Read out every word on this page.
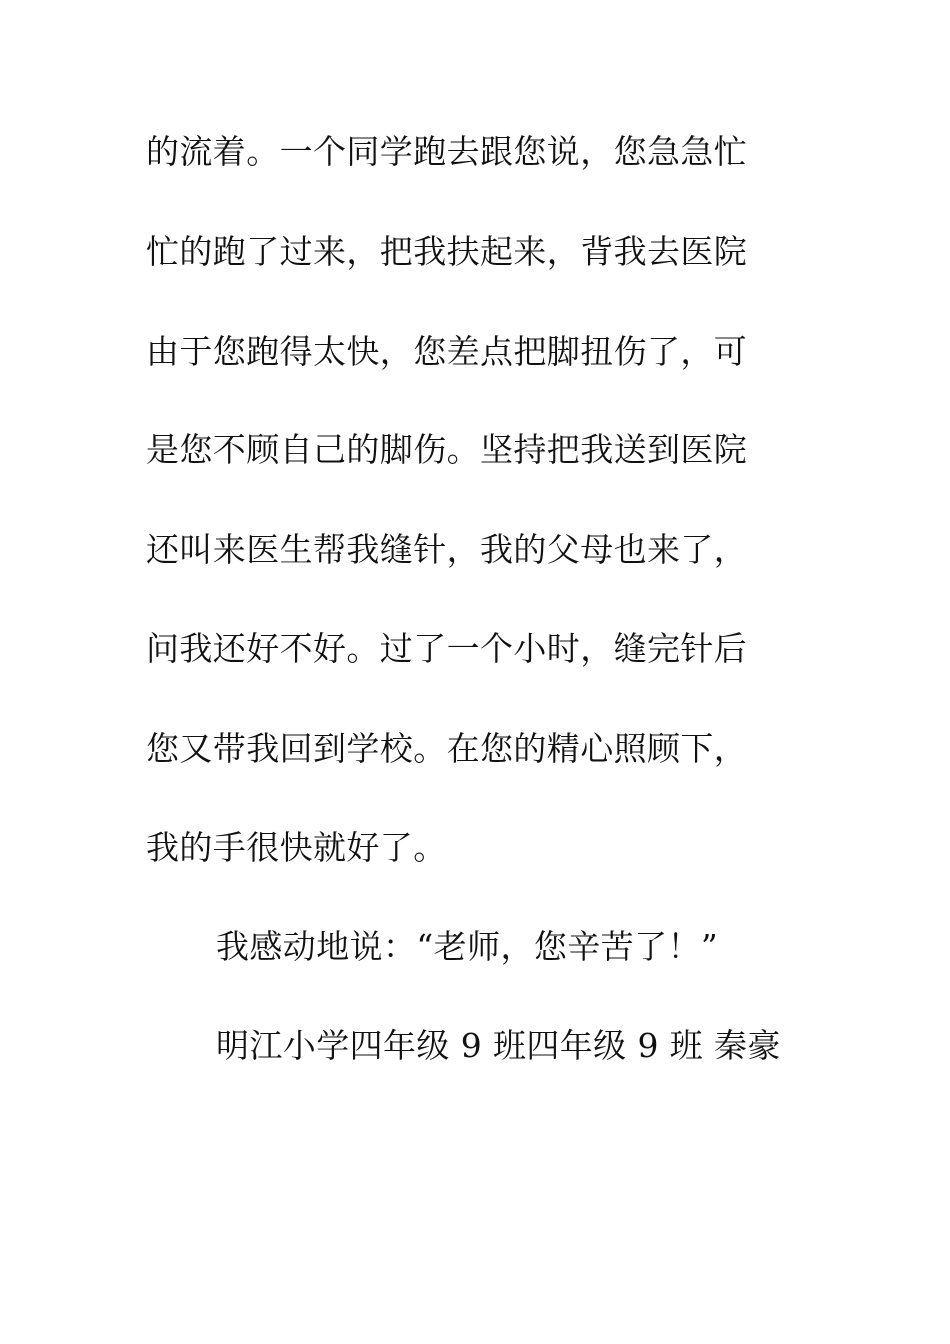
的流着。一个同学跑去跟您说，您急急忙
忙的跑了过来，把我扶起来，背我去医院
由于您跑得太快，您差点把脚扭伤了，可
是您不顾自己的脚伤。坚持把我送到医院
还叫来医生帮我缝针，我的父母也来了，
问我还好不好。过了一个小时，缝完针后
您又带我回到学校。在您的精心照顾下，
我的手很快就好了。
我感动地说：“老师，您辛苦了！”
明江小学四年级 9 班四年级 9 班 秦豪
